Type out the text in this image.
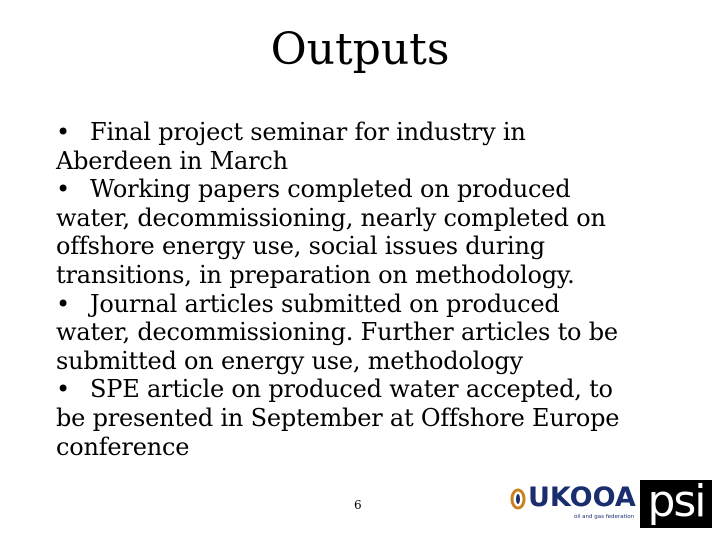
Outputs
• Final project seminar for industry in
Aberdeen in March
• Working papers completed on produced
water, decommissioning, nearly completed on
offshore energy use, social issues during
transitions, in preparation on methodology.
• Journal articles submitted on produced
water, decommissioning. Further articles to be
submitted on energy use, methodology
• SPE article on produced water accepted, to
be presented in September at Offshore Europe
conference
6	UKOOA
oil and gas federation psi
